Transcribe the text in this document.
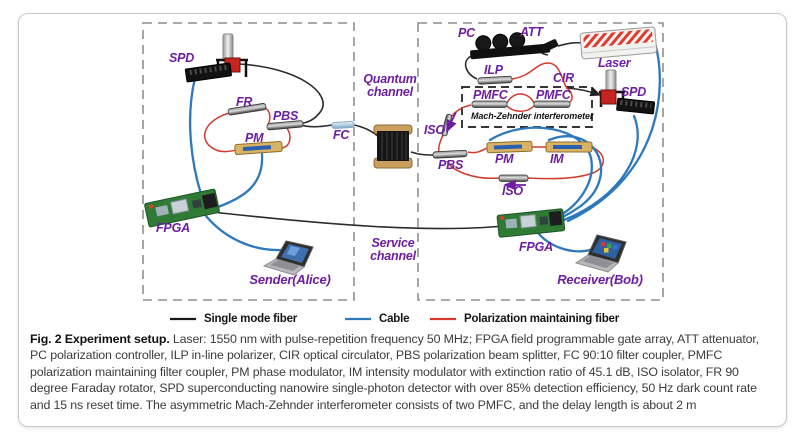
SPD
FR
PBS
PM	FC
FPGA
Sender(Alice)
Quantum
channel
Service
channel
PC	ATT
Laser
ILP
CIR
PMFC PMFC
Mach-Zehnder interferometer
SPD
ISO
PBS	PM	IM
ISO
FPGA
Receiver(Bob)
Single mode fiber	Cable	Polarization maintaining fiber

Fig. 2 Experiment setup. Laser: 1550 nm with pulse-repetition frequency 50 MHz; FPGA field programmable gate array, ATT attenuator, PC polarization controller, ILP in-line polarizer, CIR optical circulator, PBS polarization beam splitter, FC 90:10 filter coupler, PMFC polarization maintaining filter coupler, PM phase modulator, IM intensity modulator with extinction ratio of 45.1 dB, ISO isolator, FR 90 degree Faraday rotator, SPD superconducting nanowire single-photon detector with over 85% detection efficiency, 50 Hz dark count rate and 15 ns reset time. The asymmetric Mach-Zehnder interferometer consists of two PMFC, and the delay length is about 2 m
